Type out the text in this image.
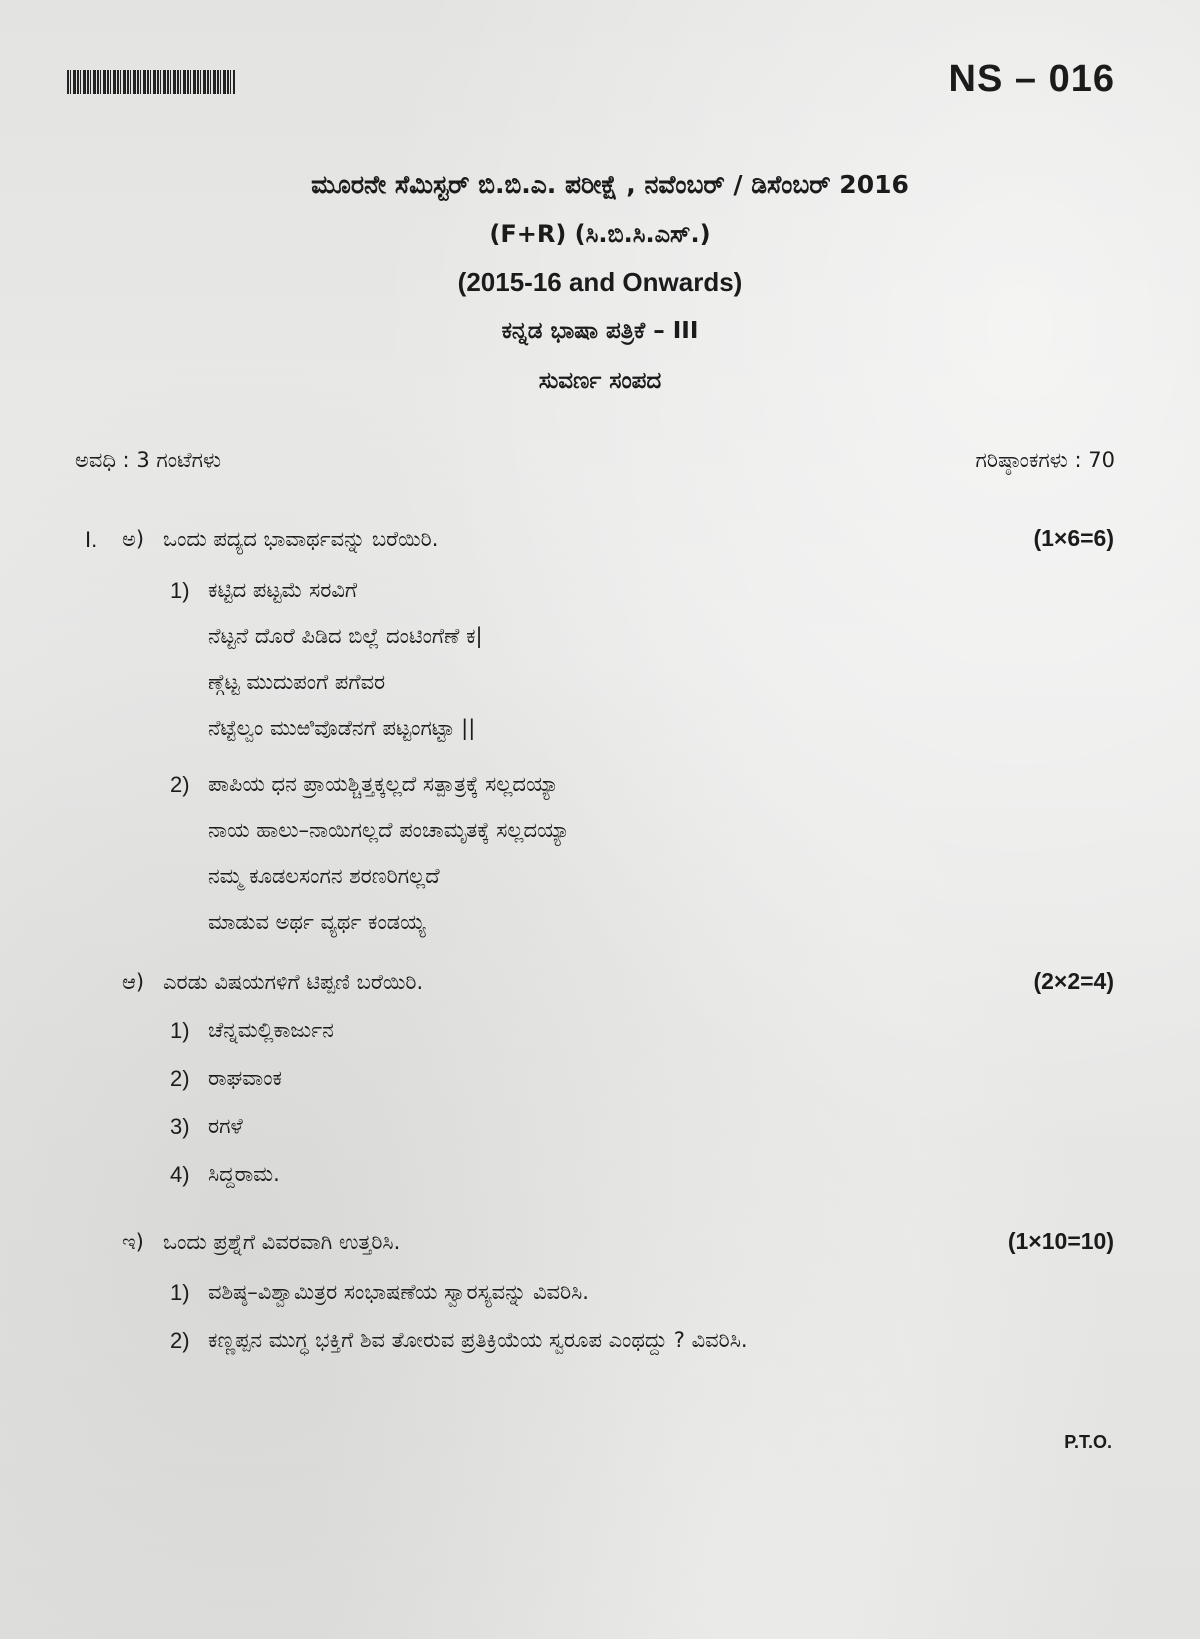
NS – 016
ಮೂರನೇ ಸೆಮಿಸ್ಟರ್ ಬಿ.ಬಿ.ಎ. ಪರೀಕ್ಷೆ , ನವೆಂಬರ್ / ಡಿಸೆಂಬರ್ 2016
(F+R) (ಸಿ.ಬಿ.ಸಿ.ಎಸ್.)
(2015-16 and Onwards)
ಕನ್ನಡ ಭಾಷಾ ಪತ್ರಿಕೆ – III
ಸುವರ್ಣ ಸಂಪದ
ಅವಧಿ : 3 ಗಂಟೆಗಳು	ಗರಿಷ್ಠಾಂಕಗಳು : 70
I. ಅ) ಒಂದು ಪದ್ಯದ ಭಾವಾರ್ಥವನ್ನು ಬರೆಯಿರಿ.	(1×6=6)
1) ಕಟ್ಟಿದ ಪಟ್ಟಮೆ ಸರವಿಗೆ
ನೆಟ್ಟನೆ ದೊರೆ ಪಿಡಿದ ಬಿಲ್ಲೆ ದಂಟಿಂಗೆಣೆ ಕ|
ಣ್ಗೆಟ್ಟ ಮುದುಪಂಗೆ ಪಗೆವರ
ನೆಟ್ಟೆಲ್ವಂ ಮುಱಿವೊಡೆನಗೆ ಪಟ್ಟಂಗಟ್ಟಾ ||
2) ಪಾಪಿಯ ಧನ ಪ್ರಾಯಶ್ಚಿತ್ತಕ್ಕಲ್ಲದೆ ಸತ್ಪಾತ್ರಕ್ಕೆ ಸಲ್ಲದಯ್ಯಾ
ನಾಯ ಹಾಲು–ನಾಯಿಗಲ್ಲದೆ ಪಂಚಾಮೃತಕ್ಕೆ ಸಲ್ಲದಯ್ಯಾ
ನಮ್ಮ ಕೂಡಲಸಂಗನ ಶರಣರಿಗಲ್ಲದೆ
ಮಾಡುವ ಅರ್ಥ ವ್ಯರ್ಥ ಕಂಡಯ್ಯ
ಆ) ಎರಡು ವಿಷಯಗಳಿಗೆ ಟಿಪ್ಪಣಿ ಬರೆಯಿರಿ.	(2×2=4)
1) ಚೆನ್ನಮಲ್ಲಿಕಾರ್ಜುನ
2) ರಾಘವಾಂಕ
3) ರಗಳೆ
4) ಸಿದ್ದರಾಮ.
ಇ) ಒಂದು ಪ್ರಶ್ನೆಗೆ ವಿವರವಾಗಿ ಉತ್ತರಿಸಿ.	(1×10=10)
1) ವಶಿಷ್ಠ–ವಿಶ್ವಾಮಿತ್ರರ ಸಂಭಾಷಣೆಯ ಸ್ವಾರಸ್ಯವನ್ನು ವಿವರಿಸಿ.
2) ಕಣ್ಣಪ್ಪನ ಮುಗ್ಧ ಭಕ್ತಿಗೆ ಶಿವ ತೋರುವ ಪ್ರತಿಕ್ರಿಯೆಯ ಸ್ವರೂಪ ಎಂಥದ್ದು ? ವಿವರಿಸಿ.
P.T.O.
